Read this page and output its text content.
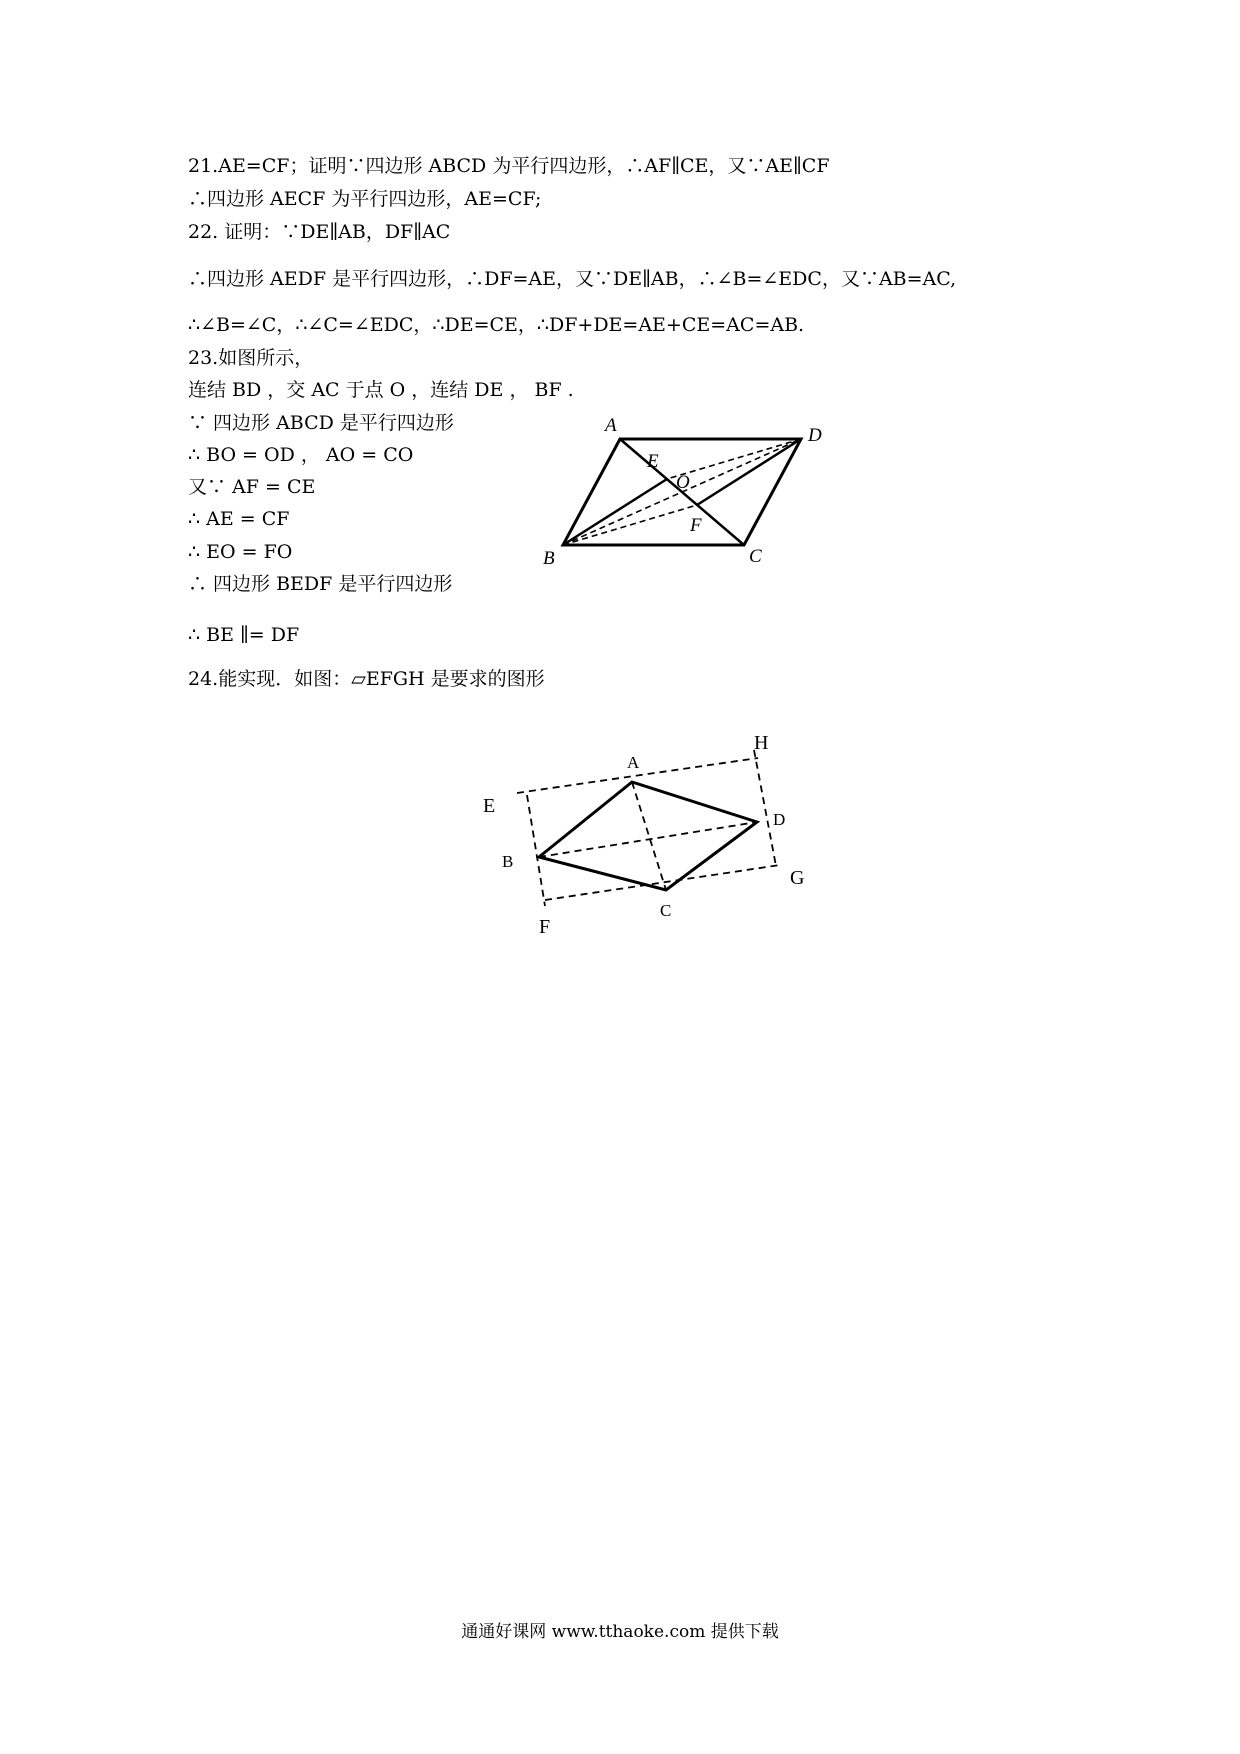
21.AE=CF；证明∵四边形 ABCD 为平行四边形，∴AF∥CE，又∵AE∥CF
∴四边形 AECF 为平行四边形，AE=CF;
22. 证明：∵DE∥AB，DF∥AC
∴四边形 AEDF 是平行四边形，∴DF=AE，又∵DE∥AB，∴∠B=∠EDC，又∵AB=AC,
∴∠B=∠C，∴∠C=∠EDC，∴DE=CE，∴DF+DE=AE+CE=AC=AB.
23.如图所示，
连结 BD ，交 AC 于点 O ，连结 DE ， BF .
∵ 四边形 ABCD 是平行四边形
∴ BO = OD ， AO = CO
又∵ AF = CE
∴ AE = CF
∴ EO = FO
∴ 四边形 BEDF 是平行四边形
∴ BE ∥= DF
A	D
E
O
F
B	C
24.能实现．如图：▱EFGH 是要求的图形
A
H
E
D
B
G
C
F
通通好课网 www.tthaoke.com 提供下载
